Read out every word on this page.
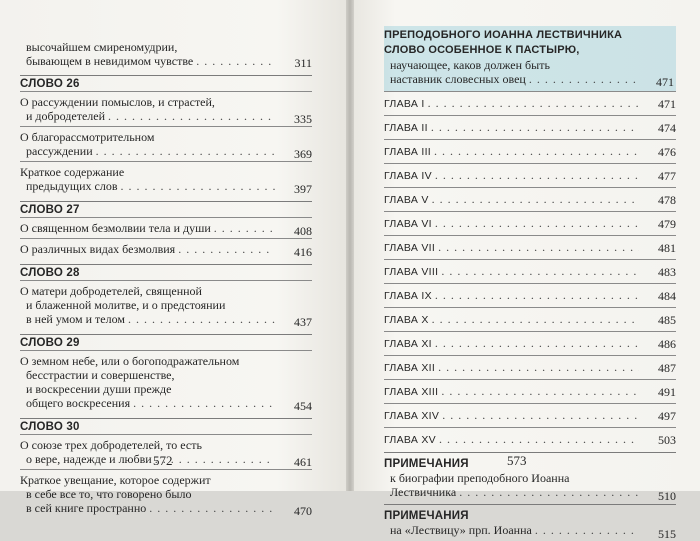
высочайшем смиреномудрии,
бывающем в невидимом чувстве . . .	311
СЛОВО 26
О рассуждении помыслов, и страстей,
и добродетелей . . .	335
О благорассмотрительном
рассуждении . . .	369
Краткое содержание
предыдущих слов . . .	397
СЛОВО 27
О священном безмолвии тела и души . . .	408
О различных видах безмолвия . . .	416
СЛОВО 28
О матери добродетелей, священной
и блаженной молитве, и о предстоянии
в ней умом и телом . . .	437
СЛОВО 29
О земном небе, или о богоподражательном
бесстрастии и совершенстве,
и воскресении души прежде
общего воскресения . . .	454
СЛОВО 30
О союзе трех добродетелей, то есть
о вере, надежде и любви . . .	461
Краткое увещание, которое содержит
в себе все то, что говорено было
в сей книге пространно . . .	470
572
ПРЕПОДОБНОГО ИОАННА ЛЕСТВИЧНИКА
СЛОВО ОСОБЕННОЕ К ПАСТЫРЮ,
научающее, каков должен быть
наставник словесных овец . . .	471
ГЛАВА I . . .	471
ГЛАВА II . . .	474
ГЛАВА III . . .	476
ГЛАВА IV . . .	477
ГЛАВА V . . .	478
ГЛАВА VI . . .	479
ГЛАВА VII . . .	481
ГЛАВА VIII . . .	483
ГЛАВА IX . . .	484
ГЛАВА X . . .	485
ГЛАВА XI . . .	486
ГЛАВА XII . . .	487
ГЛАВА XIII . . .	491
ГЛАВА XIV . . .	497
ГЛАВА XV . . .	503
ПРИМЕЧАНИЯ
к биографии преподобного Иоанна
Лествичника . . .	510
ПРИМЕЧАНИЯ
на «Лествицу» прп. Иоанна . . .	515
573
